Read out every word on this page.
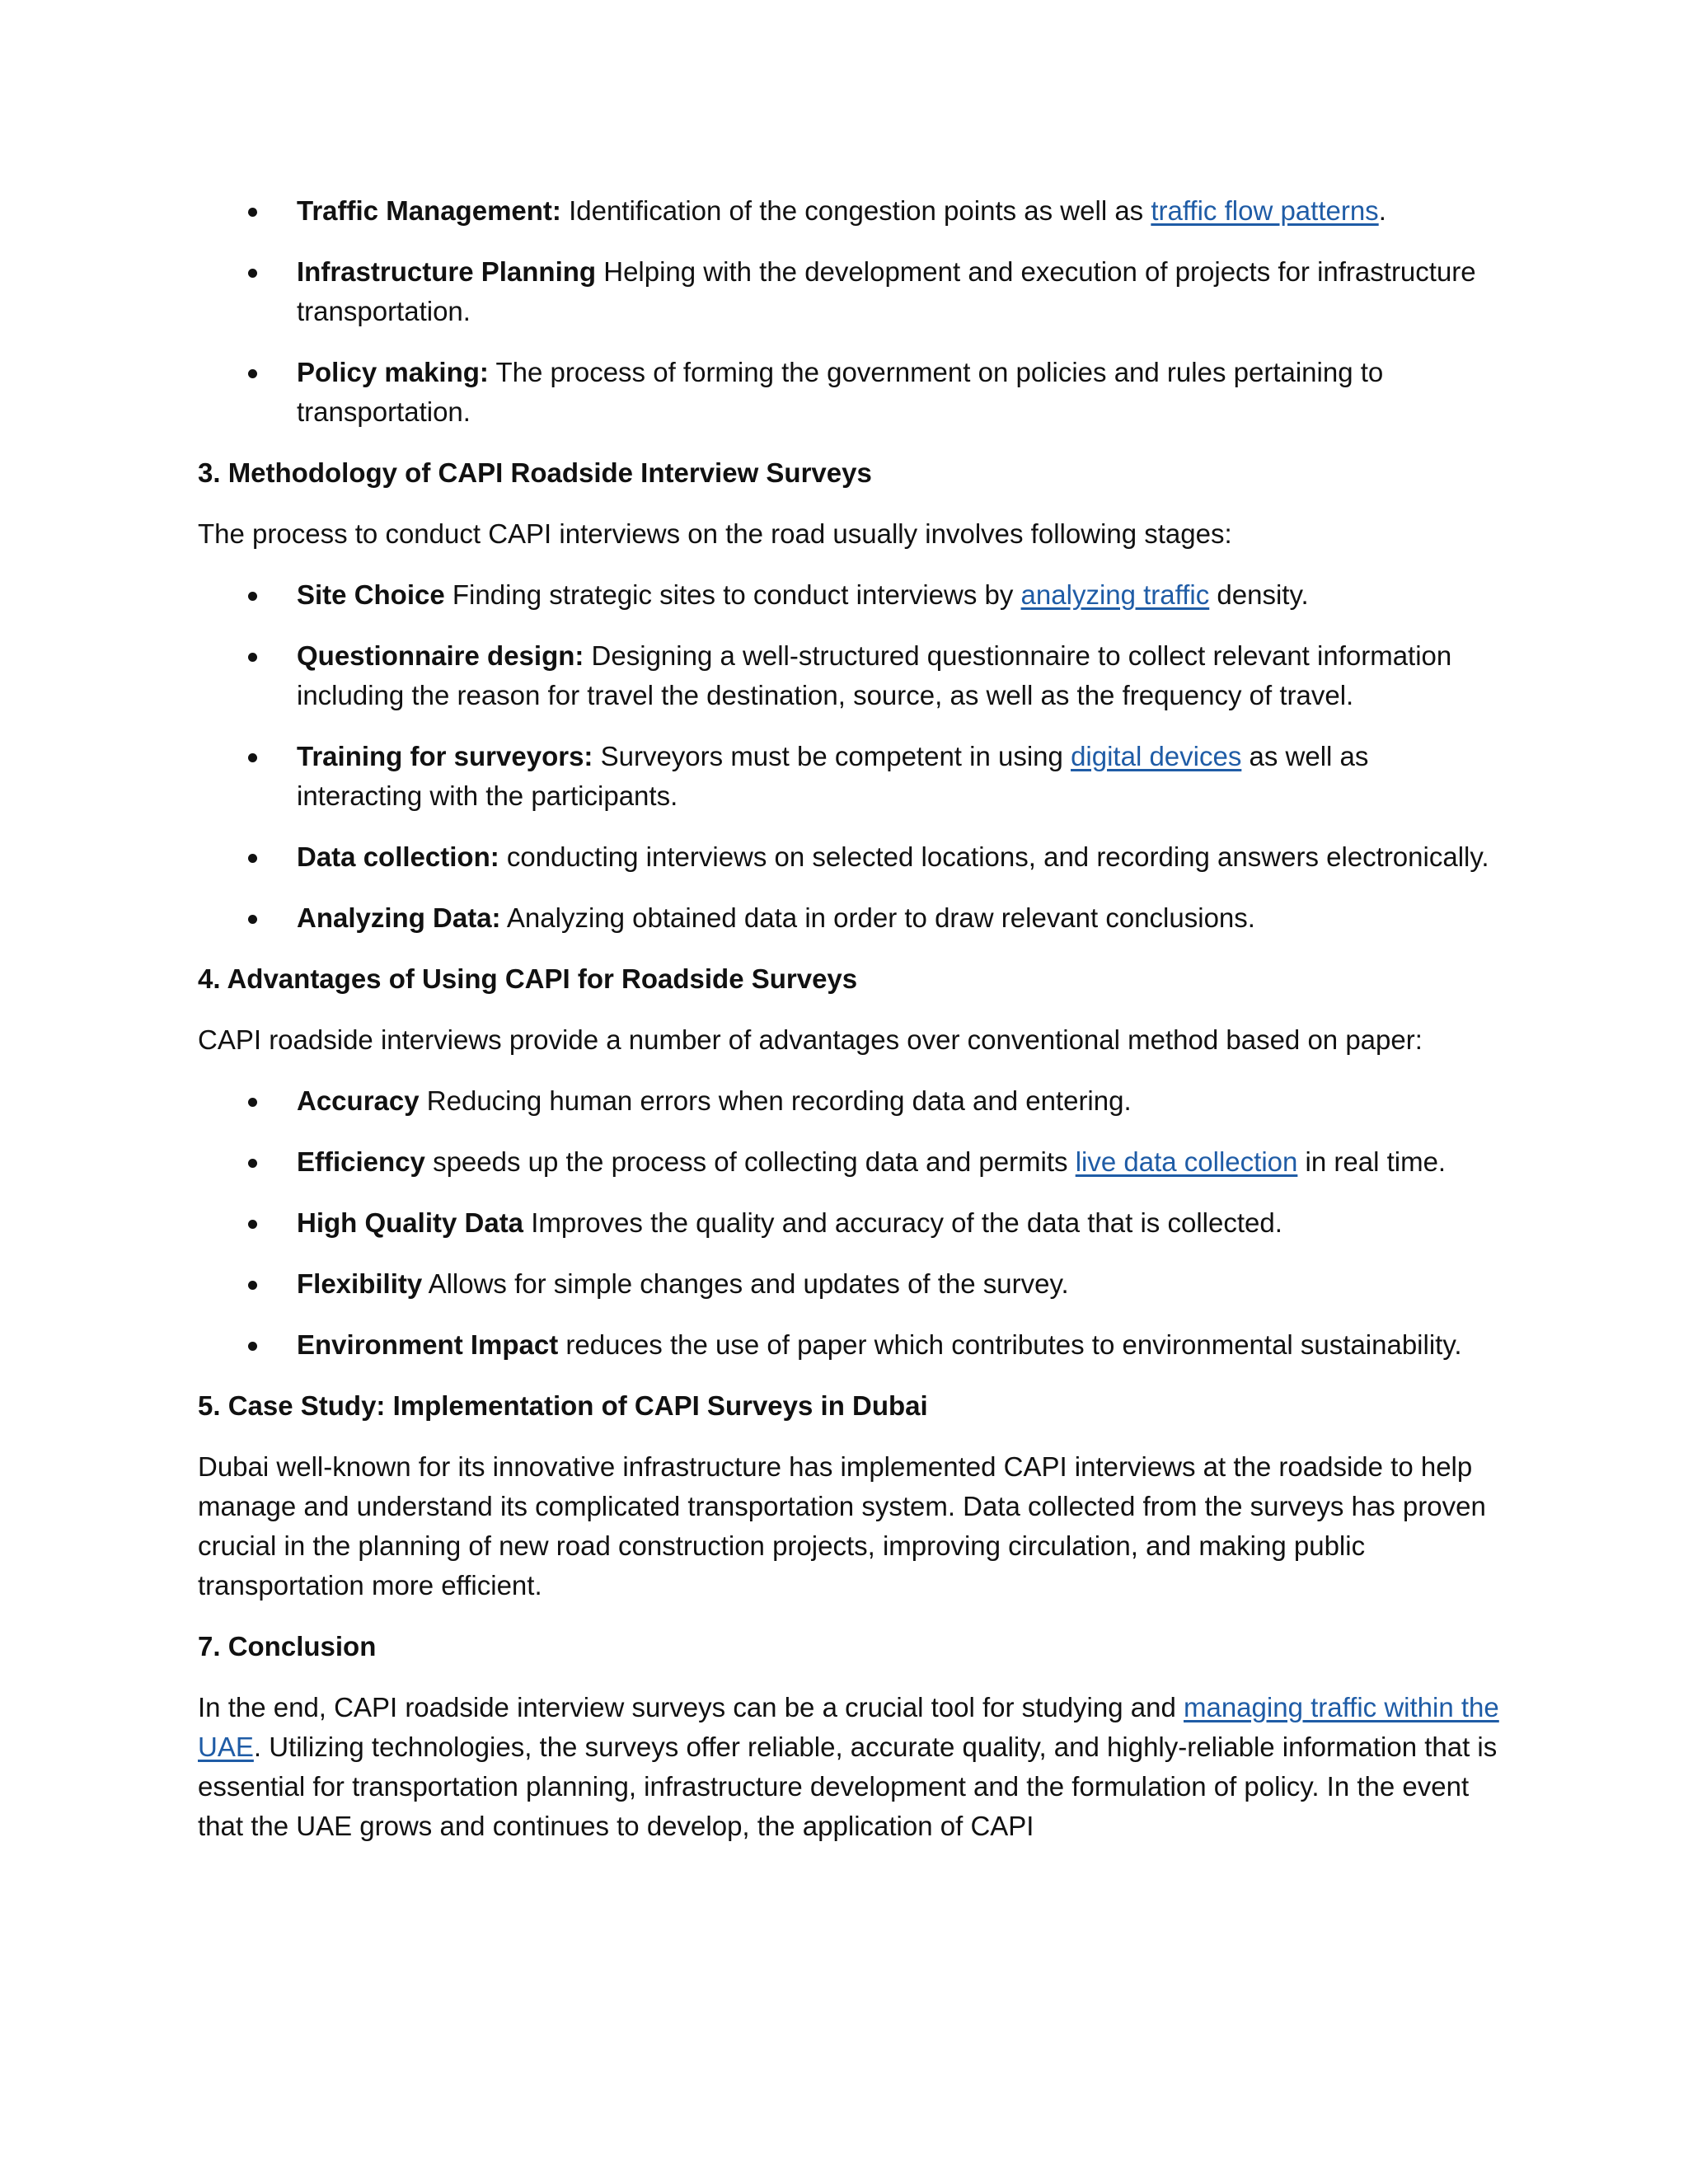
Traffic Management: Identification of the congestion points as well as traffic flow patterns.
Infrastructure Planning Helping with the development and execution of projects for infrastructure transportation.
Policy making: The process of forming the government on policies and rules pertaining to transportation.
3. Methodology of CAPI Roadside Interview Surveys

The process to conduct CAPI interviews on the road usually involves following stages:

Site Choice Finding strategic sites to conduct interviews by analyzing traffic density.
Questionnaire design: Designing a well-structured questionnaire to collect relevant information including the reason for travel the destination, source, as well as the frequency of travel.
Training for surveyors: Surveyors must be competent in using digital devices as well as interacting with the participants.
Data collection: conducting interviews on selected locations, and recording answers electronically.
Analyzing Data: Analyzing obtained data in order to draw relevant conclusions.
4. Advantages of Using CAPI for Roadside Surveys

CAPI roadside interviews provide a number of advantages over conventional method based on paper:

Accuracy Reducing human errors when recording data and entering.
Efficiency speeds up the process of collecting data and permits live data collection in real time.
High Quality Data Improves the quality and accuracy of the data that is collected.
Flexibility Allows for simple changes and updates of the survey.
Environment Impact reduces the use of paper which contributes to environmental sustainability.
5. Case Study: Implementation of CAPI Surveys in Dubai

Dubai well-known for its innovative infrastructure has implemented CAPI interviews at the roadside to help manage and understand its complicated transportation system. Data collected from the surveys has proven crucial in the planning of new road construction projects, improving circulation, and making public transportation more efficient.

7. Conclusion

In the end, CAPI roadside interview surveys can be a crucial tool for studying and managing traffic within the UAE. Utilizing technologies, the surveys offer reliable, accurate quality, and highly-reliable information that is essential for transportation planning, infrastructure development and the formulation of policy. In the event that the UAE grows and continues to develop, the application of CAPI
